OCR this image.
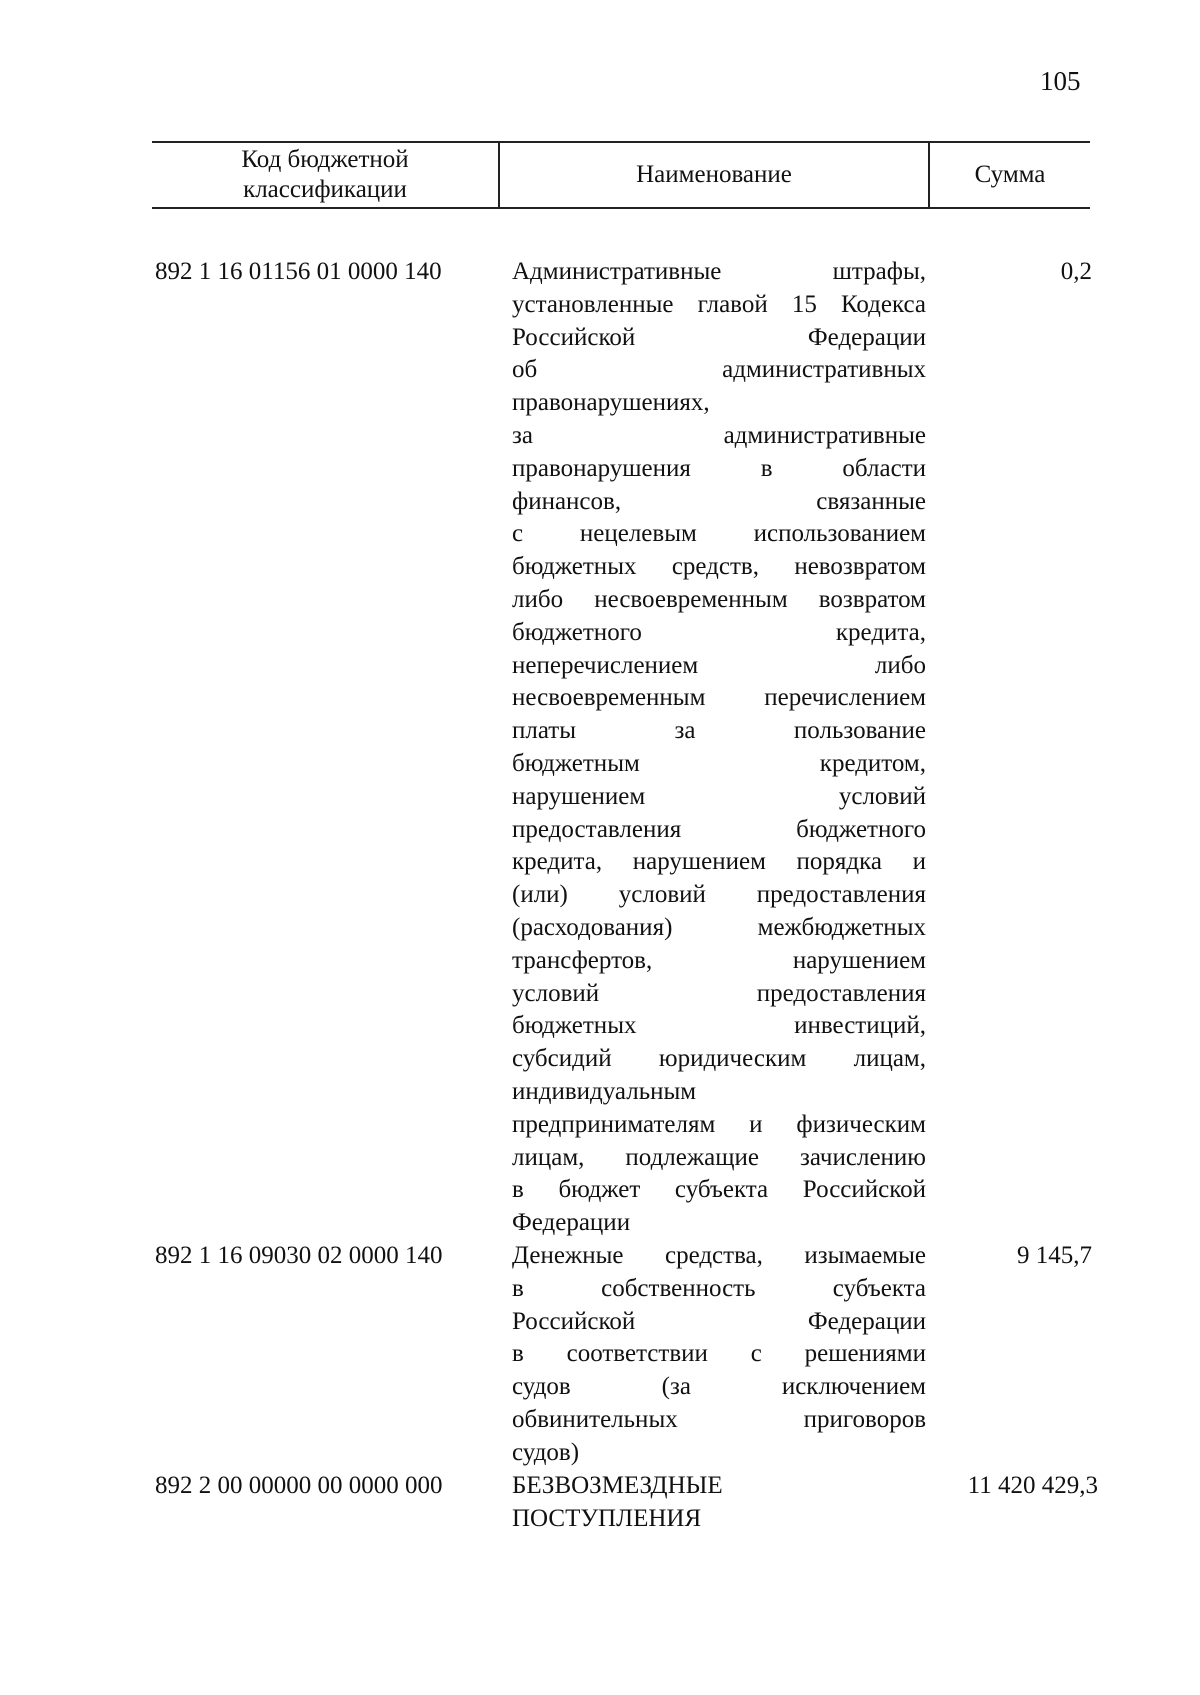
105
Код бюджетной
классификации
Наименование	Сумма
892 1 16 01156 01 0000 140	Административные штрафы,
установленные главой 15 Кодекса
Российской Федерации
об административных
правонарушениях,
за административные
правонарушения в области
финансов, связанные
с нецелевым использованием
бюджетных средств, невозвратом
либо несвоевременным возвратом
бюджетного кредита,
неперечислением либо
несвоевременным перечислением
платы за пользование
бюджетным кредитом,
нарушением условий
предоставления бюджетного
кредита, нарушением порядка и
(или) условий предоставления
(расходования) межбюджетных
трансфертов, нарушением
условий предоставления
бюджетных инвестиций,
субсидий юридическим лицам,
индивидуальным
предпринимателям и физическим
лицам, подлежащие зачислению
в бюджет субъекта Российской
Федерации
0,2
892 1 16 09030 02 0000 140	Денежные средства, изымаемые
в собственность субъекта
Российской Федерации
в соответствии с решениями
судов (за исключением
обвинительных приговоров
судов)
9 145,7
892 2 00 00000 00 0000 000	БЕЗВОЗМЕЗДНЫЕ
ПОСТУПЛЕНИЯ
11 420 429,3
